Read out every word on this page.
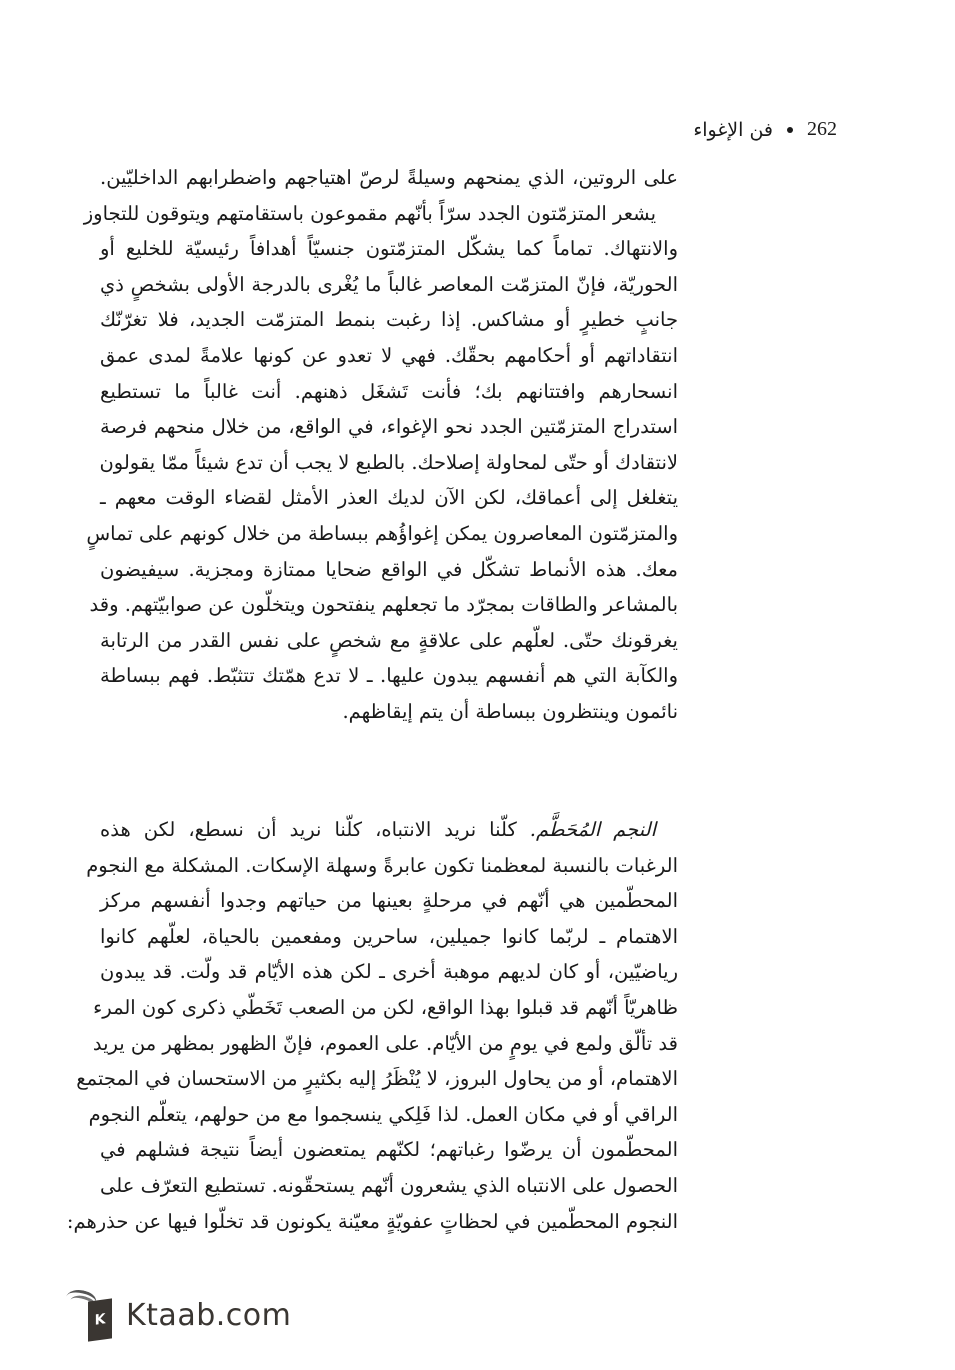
262
فن الإغواء
على الروتين، الذي يمنحهم وسيلةً لرصّ اهتياجهم واضطرابهم الداخليّين.
يشعر المتزمّتون الجدد سرّاً بأنّهم مقموعون باستقامتهم ويتوقون للتجاوز
والانتهاك. تماماً كما يشكّل المتزمّتون جنسيّاً أهدافاً رئيسيّة للخليع أو
الحوريّة، فإنّ المتزمّت المعاصر غالباً ما يُغْرى بالدرجة الأولى بشخصٍ ذي
جانبٍ خطيرٍ أو مشاكس. إذا رغبت بنمط المتزمّت الجديد، فلا تغرّنّك
انتقاداتهم أو أحكامهم بحقّك. فهي لا تعدو عن كونها علامةً لمدى عمق
انسحارهم وافتتانهم بك؛ فأنت تَشغَل ذهنهم. أنت غالباً ما تستطيع
استدراج المتزمّتين الجدد نحو الإغواء، في الواقع، من خلال منحهم فرصة
لانتقادك أو حتّى لمحاولة إصلاحك. بالطبع لا يجب أن تدع شيئاً ممّا يقولون
يتغلغل إلى أعماقك، لكن الآن لديك العذر الأمثل لقضاء الوقت معهم ـ
والمتزمّتون المعاصرون يمكن إغواؤُهم ببساطة من خلال كونهم على تماسٍ
معك. هذه الأنماط تشكّل في الواقع ضحايا ممتازة ومجزية. سيفيضون
بالمشاعر والطاقات بمجرّد ما تجعلهم ينفتحون ويتخلّون عن صوابيّتهم. وقد
يغرقونك حتّى. لعلّهم على علاقةٍ مع شخصٍ على نفس القدر من الرتابة
والكآبة التي هم أنفسهم يبدون عليها. ـ لا تدع همّتك تتثبّط. فهم ببساطة
نائمون وينتظرون ببساطة أن يتم إيقاظهم.
النجم المُحَطَّم. كلّنا نريد الانتباه، كلّنا نريد أن نسطع، لكن هذه
الرغبات بالنسبة لمعظمنا تكون عابرةً وسهلة الإسكات. المشكلة مع النجوم
المحطّمين هي أنّهم في مرحلةٍ بعينها من حياتهم وجدوا أنفسهم مركز
الاهتمام ـ لربّما كانوا جميلين، ساحرين ومفعمين بالحياة، لعلّهم كانوا
رياضيّين، أو كان لديهم موهبة أخرى ـ لكن هذه الأيّام قد ولّت. قد يبدون
ظاهريّاً أنّهم قد قبلوا بهذا الواقع، لكن من الصعب تَخَطّي ذكرى كون المرء
قد تألّق ولمع في يومٍ من الأيّام. على العموم، فإنّ الظهور بمظهر من يريد
الاهتمام، أو من يحاول البروز، لا يُنْظَرُ إليه بكثيرٍ من الاستحسان في المجتمع
الراقي أو في مكان العمل. لذا فَلِكي ينسجموا مع من حولهم، يتعلّم النجوم
المحطّمون أن يرضّوا رغباتهم؛ لكنّهم يمتعضون أيضاً نتيجة فشلهم في
الحصول على الانتباه الذي يشعرون أنّهم يستحقّونه. تستطيع التعرّف على
النجوم المحطّمين في لحظاتٍ عفويّةٍ معيّنة يكونون قد تخلّوا فيها عن حذرهم:
K Ktaab.com
